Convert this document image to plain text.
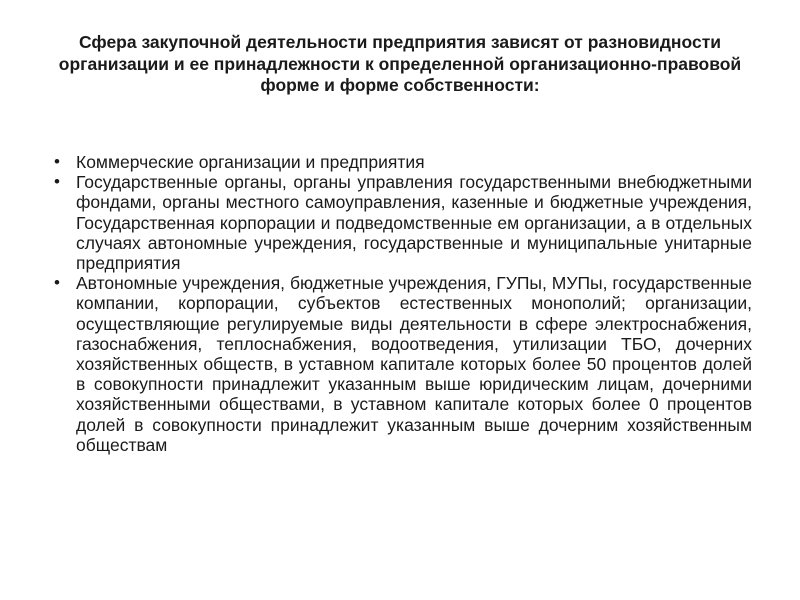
Сфера закупочной деятельности предприятия зависят от разновидности организации и ее принадлежности к определенной организационно-правовой форме и форме собственности:
• Коммерческие организации и предприятия
• Государственные органы, органы управления государственными внебюджетными фондами, органы местного самоуправления, казенные и бюджетные учреждения, Государственная корпорации и подведомственные ем организации, а в отдельных случаях автономные учреждения, государственные и муниципальные унитарные предприятия
• Автономные учреждения, бюджетные учреждения, ГУПы, МУПы, государственные компании, корпорации, субъектов естественных монополий; организации, осуществляющие регулируемые виды деятельности в сфере электроснабжения, газоснабжения, теплоснабжения, водоотведения, утилизации ТБО, дочерних хозяйственных обществ, в уставном капитале которых более 50 процентов долей в совокупности принадлежит указанным выше юридическим лицам, дочерними хозяйственными обществами, в уставном капитале которых более 0 процентов долей в совокупности принадлежит указанным выше дочерним хозяйственным обществам
